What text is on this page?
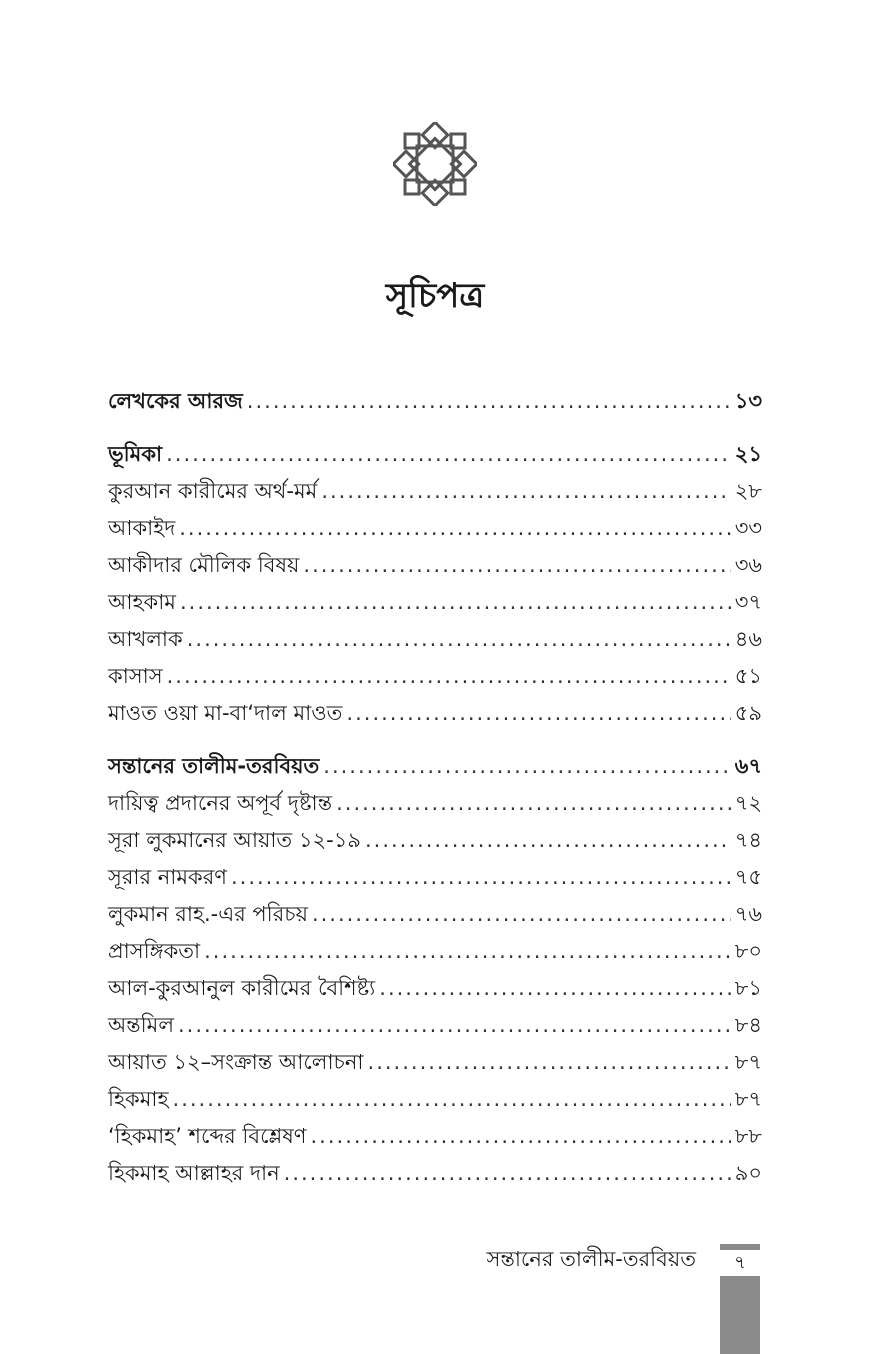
সূচিপত্র
লেখকের আরজ .....	১৩
ভূমিকা .....	২১
কুরআন কারীমের অর্থ-মর্ম .....	২৮
আকাইদ .....	৩৩
আকীদার মৌলিক বিষয় .....	৩৬
আহকাম .....	৩৭
আখলাক .....	৪৬
কাসাস .....	৫১
মাওত ওয়া মা-বা‘দাল মাওত .....	৫৯
সন্তানের তালীম-তরবিয়ত .....	৬৭
দায়িত্ব প্রদানের অপূর্ব দৃষ্টান্ত .....	৭২
সূরা লুকমানের আয়াত ১২-১৯ .....	৭৪
সূরার নামকরণ .....	৭৫
লুকমান রাহ.-এর পরিচয় .....	৭৬
প্রাসঙ্গিকতা .....	৮০
আল-কুরআনুল কারীমের বৈশিষ্ট্য .....	৮১
অন্তমিল .....	৮৪
আয়াত ১২–সংক্রান্ত আলোচনা .....	৮৭
হিকমাহ .....	৮৭
‘হিকমাহ’ শব্দের বিশ্লেষণ .....	৮৮
হিকমাহ আল্লাহর দান .....	৯০
সন্তানের তালীম-তরবিয়ত	৭
